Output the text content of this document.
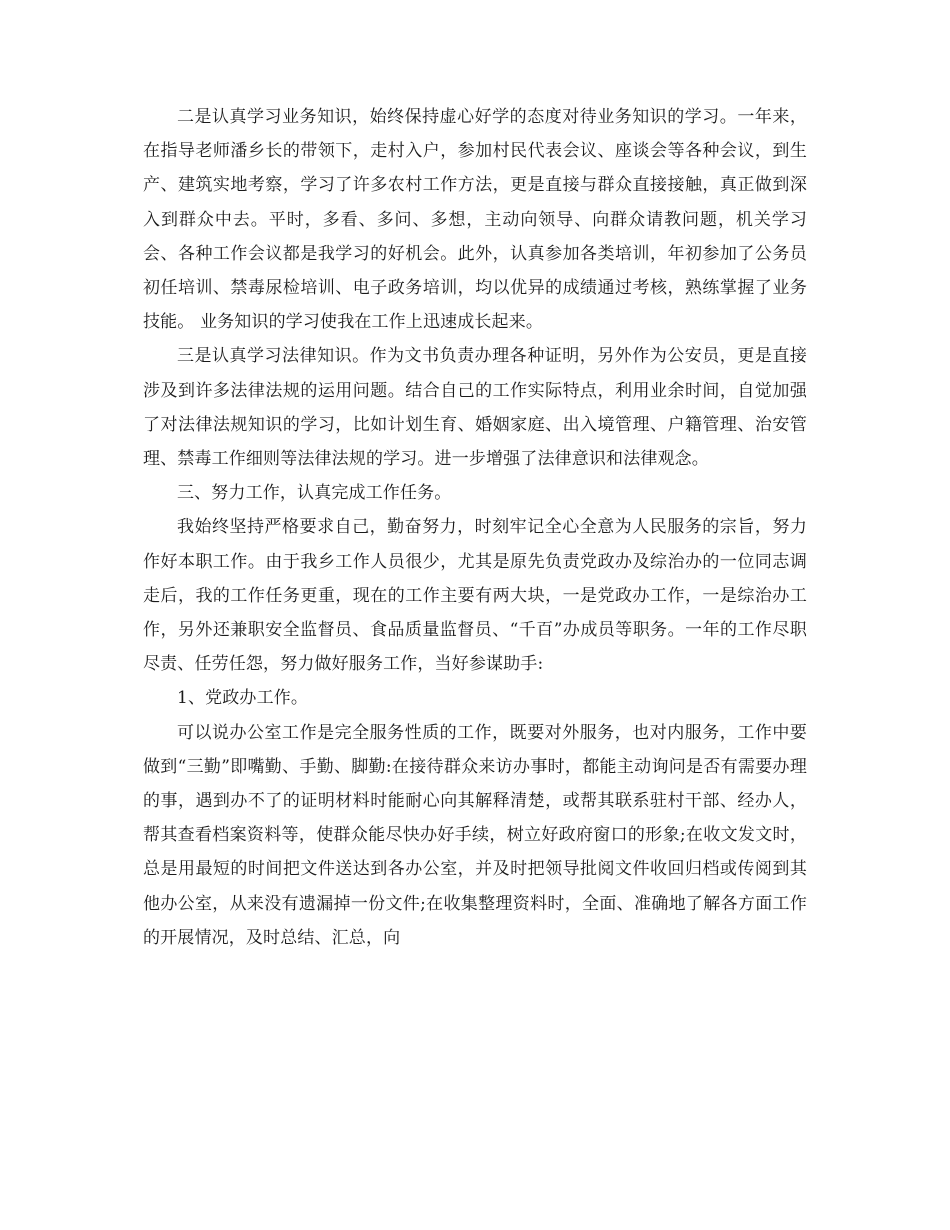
二是认真学习业务知识，始终保持虚心好学的态度对待业务知识的学习。一年来，在指导老师潘乡长的带领下，走村入户，参加村民代表会议、座谈会等各种会议，到生产、建筑实地考察，学习了许多农村工作方法，更是直接与群众直接接触，真正做到深入到群众中去。平时，多看、多问、多想，主动向领导、向群众请教问题，机关学习会、各种工作会议都是我学习的好机会。此外，认真参加各类培训，年初参加了公务员初任培训、禁毒尿检培训、电子政务培训，均以优异的成绩通过考核，熟练掌握了业务技能。 业务知识的学习使我在工作上迅速成长起来。

三是认真学习法律知识。作为文书负责办理各种证明，另外作为公安员，更是直接涉及到许多法律法规的运用问题。结合自己的工作实际特点，利用业余时间，自觉加强了对法律法规知识的学习，比如计划生育、婚姻家庭、出入境管理、户籍管理、治安管理、禁毒工作细则等法律法规的学习。进一步增强了法律意识和法律观念。

三、努力工作，认真完成工作任务。

我始终坚持严格要求自己，勤奋努力，时刻牢记全心全意为人民服务的宗旨，努力作好本职工作。由于我乡工作人员很少，尤其是原先负责党政办及综治办的一位同志调走后，我的工作任务更重，现在的工作主要有两大块，一是党政办工作，一是综治办工作，另外还兼职安全监督员、食品质量监督员、“千百”办成员等职务。一年的工作尽职尽责、任劳任怨，努力做好服务工作，当好参谋助手:

1、党政办工作。

可以说办公室工作是完全服务性质的工作，既要对外服务，也对内服务，工作中要做到“三勤”即嘴勤、手勤、脚勤:在接待群众来访办事时，都能主动询问是否有需要办理的事，遇到办不了的证明材料时能耐心向其解释清楚，或帮其联系驻村干部、经办人，帮其查看档案资料等，使群众能尽快办好手续，树立好政府窗口的形象;在收文发文时，总是用最短的时间把文件送达到各办公室，并及时把领导批阅文件收回归档或传阅到其他办公室，从来没有遗漏掉一份文件;在收集整理资料时，全面、准确地了解各方面工作的开展情况，及时总结、汇总，向
